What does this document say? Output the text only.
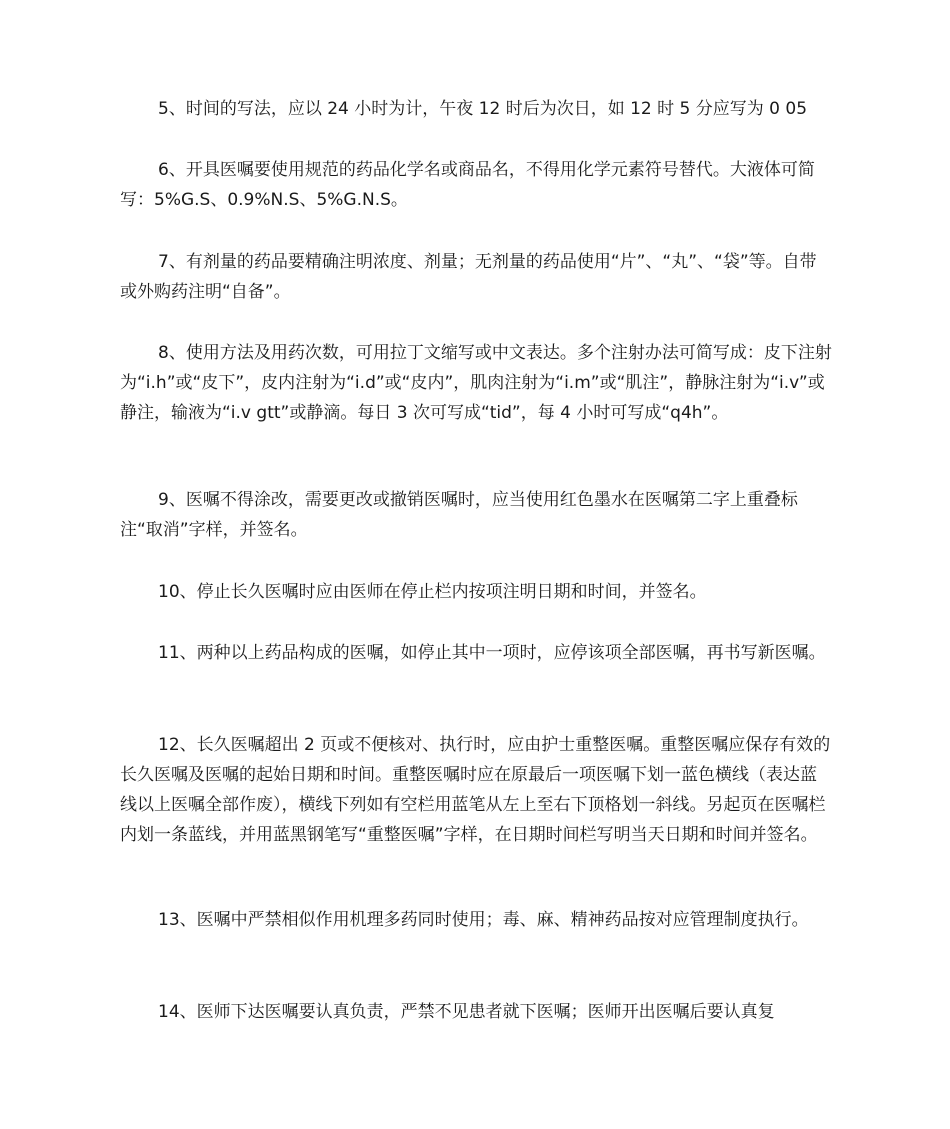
5、时间的写法，应以 24 小时为计，午夜 12 时后为次日，如 12 时 5 分应写为 0 05

6、开具医嘱要使用规范的药品化学名或商品名，不得用化学元素符号替代。大液体可简写：5%G.S、0.9%N.S、5%G.N.S。

7、有剂量的药品要精确注明浓度、剂量；无剂量的药品使用“片”、“丸”、“袋”等。自带或外购药注明“自备”。

8、使用方法及用药次数，可用拉丁文缩写或中文表达。多个注射办法可简写成：皮下注射为“i.h”或“皮下”，皮内注射为“i.d”或“皮内”，肌肉注射为“i.m”或“肌注”，静脉注射为“i.v”或静注，输液为“i.v gtt”或静滴。每日 3 次可写成“tid”，每 4 小时可写成“q4h”。

9、医嘱不得涂改，需要更改或撤销医嘱时，应当使用红色墨水在医嘱第二字上重叠标注“取消”字样，并签名。

10、停止长久医嘱时应由医师在停止栏内按项注明日期和时间，并签名。

11、两种以上药品构成的医嘱，如停止其中一项时，应停该项全部医嘱，再书写新医嘱。

12、长久医嘱超出 2 页或不便核对、执行时，应由护士重整医嘱。重整医嘱应保存有效的长久医嘱及医嘱的起始日期和时间。重整医嘱时应在原最后一项医嘱下划一蓝色横线（表达蓝线以上医嘱全部作废），横线下列如有空栏用蓝笔从左上至右下顶格划一斜线。另起页在医嘱栏内划一条蓝线，并用蓝黑钢笔写“重整医嘱”字样，在日期时间栏写明当天日期和时间并签名。

13、医嘱中严禁相似作用机理多药同时使用；毒、麻、精神药品按对应管理制度执行。

14、医师下达医嘱要认真负责，严禁不见患者就下医嘱；医师开出医嘱后要认真复
